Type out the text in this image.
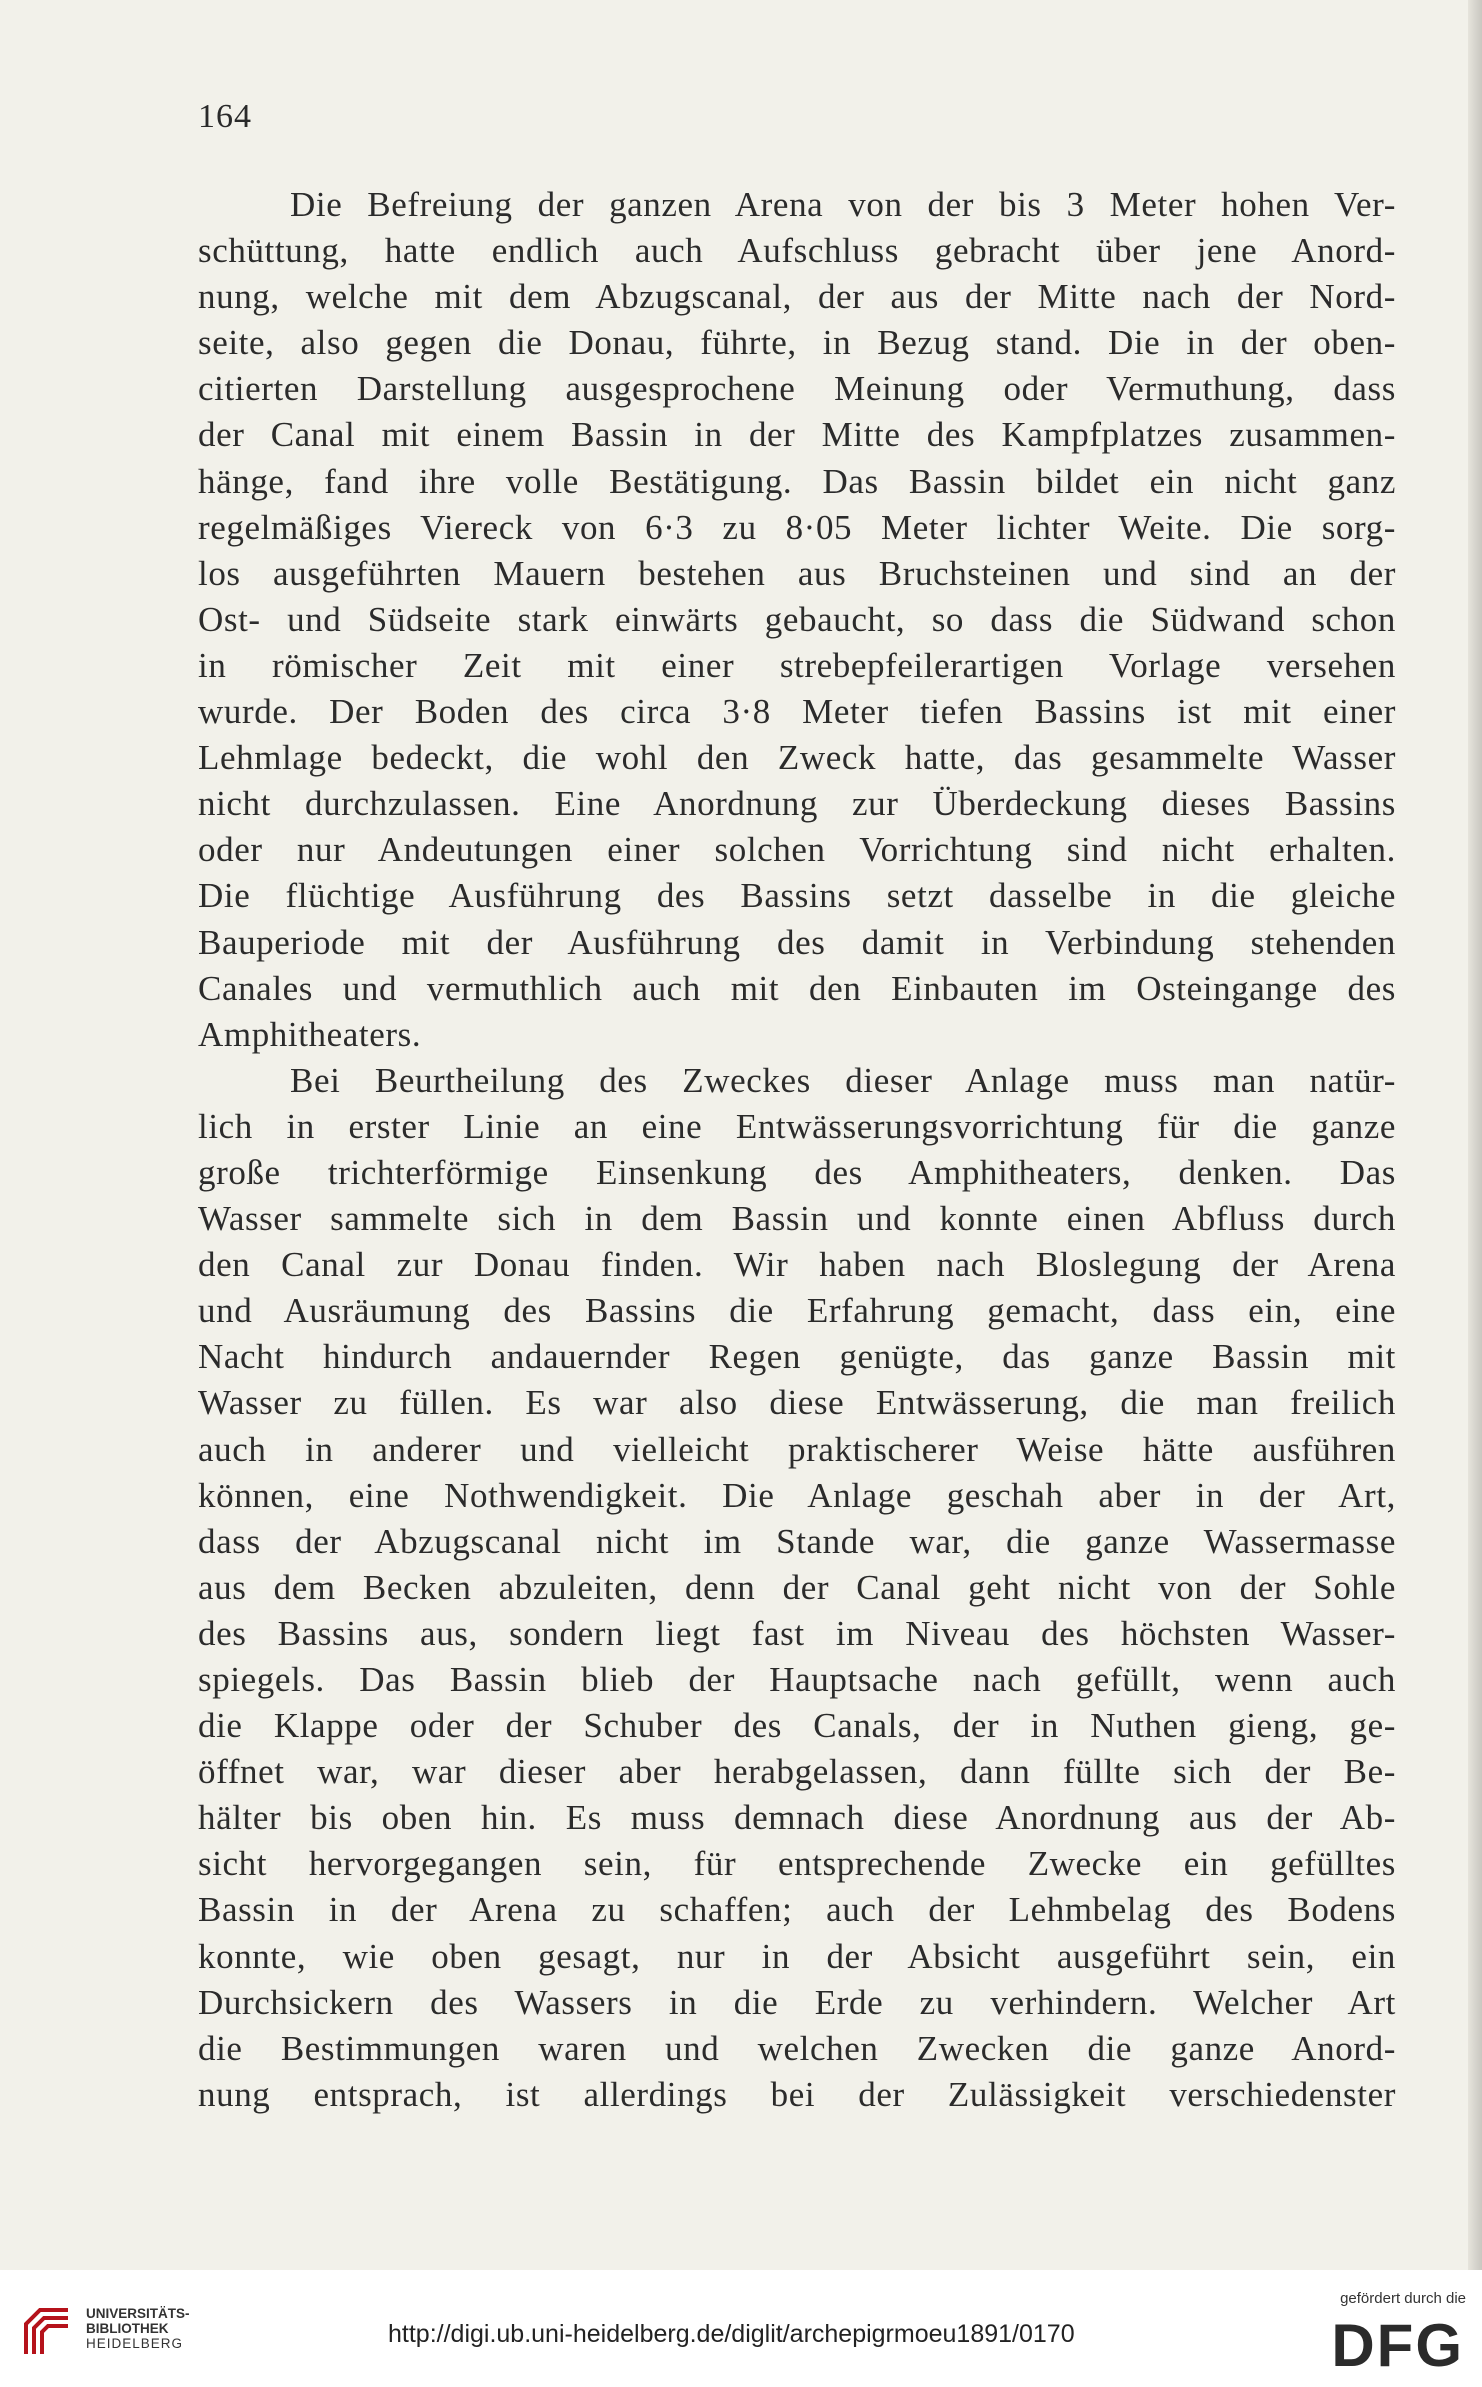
164
Die Befreiung der ganzen Arena von der bis 3 Meter hohen Ver-
schüttung, hatte endlich auch Aufschluss gebracht über jene Anord-
nung, welche mit dem Abzugscanal, der aus der Mitte nach der Nord-
seite, also gegen die Donau, führte, in Bezug stand. Die in der oben-
citierten Darstellung ausgesprochene Meinung oder Vermuthung, dass
der Canal mit einem Bassin in der Mitte des Kampfplatzes zusammen-
hänge, fand ihre volle Bestätigung. Das Bassin bildet ein nicht ganz
regelmäßiges Viereck von 6·3 zu 8·05 Meter lichter Weite. Die sorg-
los ausgeführten Mauern bestehen aus Bruchsteinen und sind an der
Ost- und Südseite stark einwärts gebaucht, so dass die Südwand schon
in römischer Zeit mit einer strebepfeilerartigen Vorlage versehen
wurde. Der Boden des circa 3·8 Meter tiefen Bassins ist mit einer
Lehmlage bedeckt, die wohl den Zweck hatte, das gesammelte Wasser
nicht durchzulassen. Eine Anordnung zur Überdeckung dieses Bassins
oder nur Andeutungen einer solchen Vorrichtung sind nicht erhalten.
Die flüchtige Ausführung des Bassins setzt dasselbe in die gleiche
Bauperiode mit der Ausführung des damit in Verbindung stehenden
Canales und vermuthlich auch mit den Einbauten im Osteingange des
Amphitheaters.
Bei Beurtheilung des Zweckes dieser Anlage muss man natür-
lich in erster Linie an eine Entwässerungsvorrichtung für die ganze
große trichterförmige Einsenkung des Amphitheaters, denken. Das
Wasser sammelte sich in dem Bassin und konnte einen Abfluss durch
den Canal zur Donau finden. Wir haben nach Bloslegung der Arena
und Ausräumung des Bassins die Erfahrung gemacht, dass ein, eine
Nacht hindurch andauernder Regen genügte, das ganze Bassin mit
Wasser zu füllen. Es war also diese Entwässerung, die man freilich
auch in anderer und vielleicht praktischerer Weise hätte ausführen
können, eine Nothwendigkeit. Die Anlage geschah aber in der Art,
dass der Abzugscanal nicht im Stande war, die ganze Wassermasse
aus dem Becken abzuleiten, denn der Canal geht nicht von der Sohle
des Bassins aus, sondern liegt fast im Niveau des höchsten Wasser-
spiegels. Das Bassin blieb der Hauptsache nach gefüllt, wenn auch
die Klappe oder der Schuber des Canals, der in Nuthen gieng, ge-
öffnet war, war dieser aber herabgelassen, dann füllte sich der Be-
hälter bis oben hin. Es muss demnach diese Anordnung aus der Ab-
sicht hervorgegangen sein, für entsprechende Zwecke ein gefülltes
Bassin in der Arena zu schaffen; auch der Lehmbelag des Bodens
konnte, wie oben gesagt, nur in der Absicht ausgeführt sein, ein
Durchsickern des Wassers in die Erde zu verhindern. Welcher Art
die Bestimmungen waren und welchen Zwecken die ganze Anord-
nung entsprach, ist allerdings bei der Zulässigkeit verschiedenster
UNIVERSITÄTS-
BIBLIOTHEK
HEIDELBERG	http://digi.ub.uni-heidelberg.de/diglit/archepigrmoeu1891/0170
gefördert durch die
DFG
